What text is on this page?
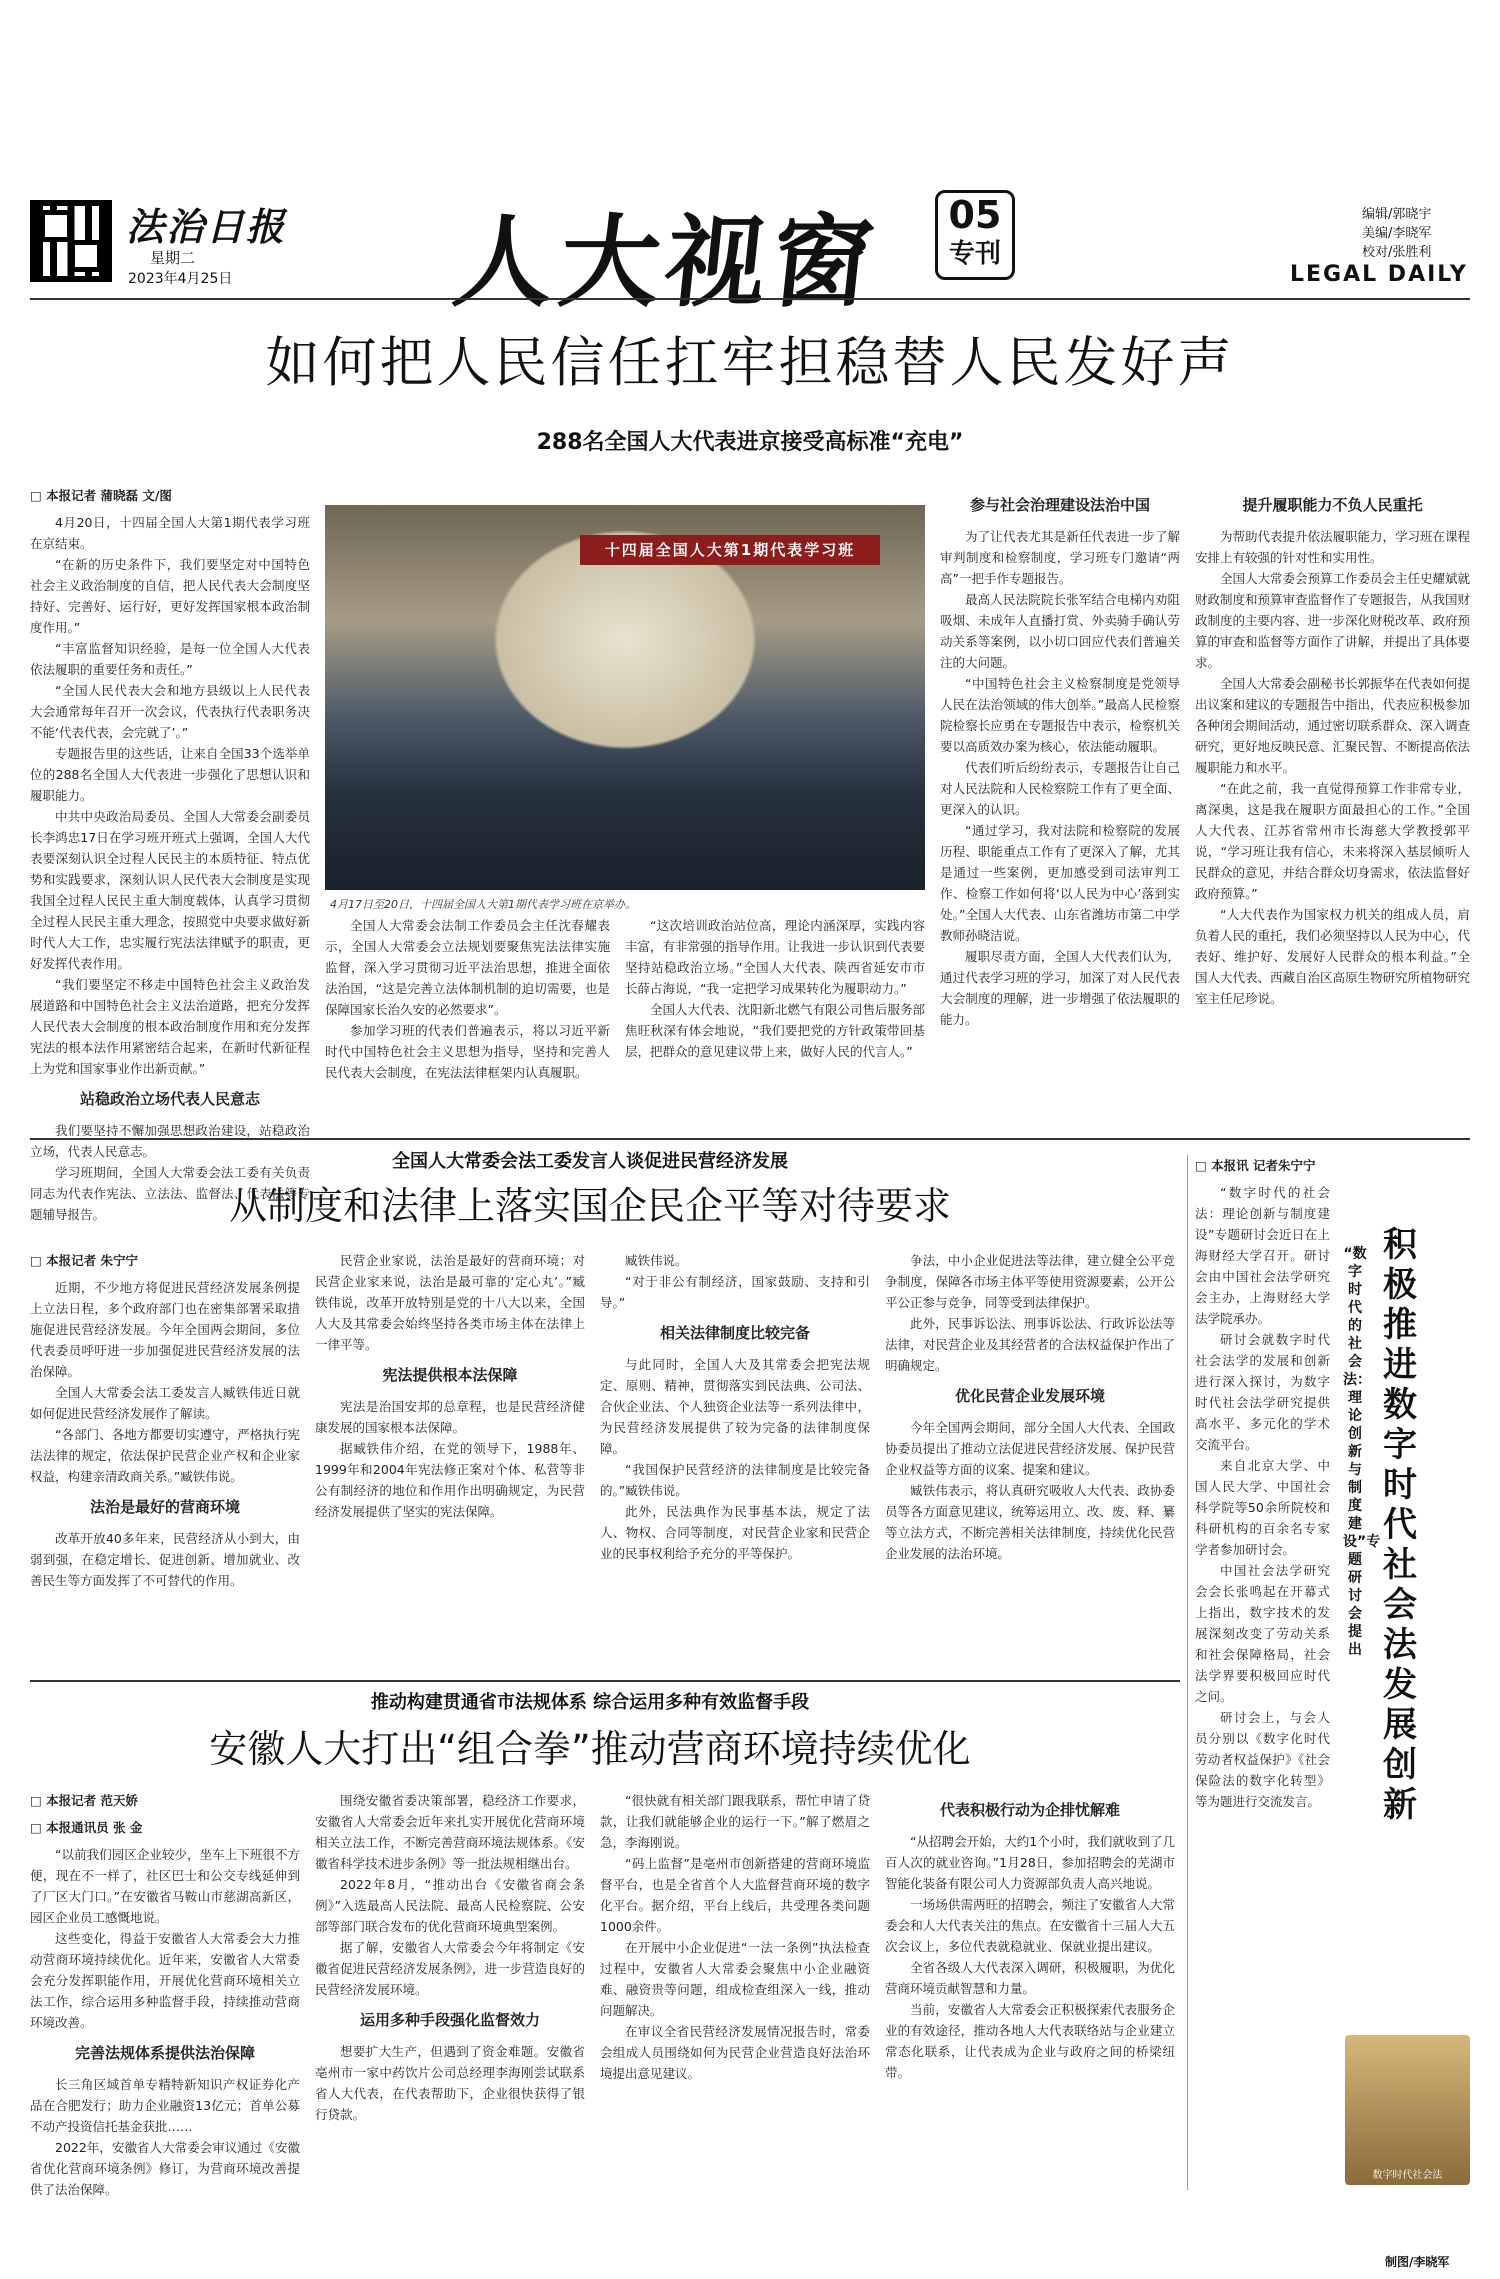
法治日报
星期二
2023年4月25日 人大视窗 05
专刊
编辑/郭晓宇
美编/李晓军
校对/张胜利
LEGAL DAILY
如何把人民信任扛牢担稳替人民发好声
288名全国人大代表进京接受高标准“充电”

□ 本报记者 蒲晓磊 文/图

4月20日，十四届全国人大第1期代表学习班在京结束。

“在新的历史条件下，我们要坚定对中国特色社会主义政治制度的自信，把人民代表大会制度坚持好、完善好、运行好，更好发挥国家根本政治制度作用。”

“丰富监督知识经验，是每一位全国人大代表依法履职的重要任务和责任。”

“全国人民代表大会和地方县级以上人民代表大会通常每年召开一次会议，代表执行代表职务决不能‘代表代表，会完就了’。”

专题报告里的这些话，让来自全国33个选举单位的288名全国人大代表进一步强化了思想认识和履职能力。

中共中央政治局委员、全国人大常委会副委员长李鸿忠17日在学习班开班式上强调，全国人大代表要深刻认识全过程人民民主的本质特征、特点优势和实践要求，深刻认识人民代表大会制度是实现我国全过程人民民主重大制度载体，认真学习贯彻全过程人民民主重大理念，按照党中央要求做好新时代人大工作，忠实履行宪法法律赋予的职责，更好发挥代表作用。

“我们要坚定不移走中国特色社会主义政治发展道路和中国特色社会主义法治道路，把充分发挥人民代表大会制度的根本政治制度作用和充分发挥宪法的根本法作用紧密结合起来，在新时代新征程上为党和国家事业作出新贡献。”

站稳政治立场代表人民意志

我们要坚持不懈加强思想政治建设，站稳政治立场，代表人民意志。

学习班期间，全国人大常委会法工委有关负责同志为代表作宪法、立法法、监督法、代表法等专题辅导报告。

十四届全国人大第1期代表学习班
4月17日至20日，十四届全国人大第1期代表学习班在京举办。

全国人大常委会法制工作委员会主任沈春耀表示，全国人大常委会立法规划要聚焦宪法法律实施监督，深入学习贯彻习近平法治思想，推进全面依法治国，“这是完善立法体制机制的迫切需要，也是保障国家长治久安的必然要求”。

参加学习班的代表们普遍表示，将以习近平新时代中国特色社会主义思想为指导，坚持和完善人民代表大会制度，在宪法法律框架内认真履职。

“这次培训政治站位高，理论内涵深厚，实践内容丰富，有非常强的指导作用。让我进一步认识到代表要坚持站稳政治立场。”全国人大代表、陕西省延安市市长薛占海说，“我一定把学习成果转化为履职动力。”

全国人大代表、沈阳新北燃气有限公司售后服务部焦旺秋深有体会地说，“我们要把党的方针政策带回基层，把群众的意见建议带上来，做好人民的代言人。”

参与社会治理建设法治中国

为了让代表尤其是新任代表进一步了解审判制度和检察制度，学习班专门邀请“两高”一把手作专题报告。

最高人民法院院长张军结合电梯内劝阻吸烟、未成年人直播打赏、外卖骑手确认劳动关系等案例，以小切口回应代表们普遍关注的大问题。

“中国特色社会主义检察制度是党领导人民在法治领域的伟大创举。”最高人民检察院检察长应勇在专题报告中表示，检察机关要以高质效办案为核心，依法能动履职。

代表们听后纷纷表示，专题报告让自己对人民法院和人民检察院工作有了更全面、更深入的认识。

“通过学习，我对法院和检察院的发展历程、职能重点工作有了更深入了解，尤其是通过一些案例，更加感受到司法审判工作、检察工作如何将‘以人民为中心’落到实处。”全国人大代表、山东省潍坊市第二中学教师孙晓洁说。

履职尽责方面，全国人大代表们认为，通过代表学习班的学习，加深了对人民代表大会制度的理解，进一步增强了依法履职的能力。

提升履职能力不负人民重托

为帮助代表提升依法履职能力，学习班在课程安排上有较强的针对性和实用性。

全国人大常委会预算工作委员会主任史耀斌就财政制度和预算审查监督作了专题报告，从我国财政制度的主要内容、进一步深化财税改革、政府预算的审查和监督等方面作了讲解，并提出了具体要求。

全国人大常委会副秘书长郭振华在代表如何提出议案和建议的专题报告中指出，代表应积极参加各种闭会期间活动，通过密切联系群众、深入调查研究，更好地反映民意、汇聚民智、不断提高依法履职能力和水平。

“在此之前，我一直觉得预算工作非常专业，离深奥，这是我在履职方面最担心的工作。”全国人大代表、江苏省常州市长海慈大学教授郭平说，“学习班让我有信心，未来将深入基层倾听人民群众的意见，并结合群众切身需求，依法监督好政府预算。”

“人大代表作为国家权力机关的组成人员，肩负着人民的重托，我们必须坚持以人民为中心，代表好、维护好、发展好人民群众的根本利益。”全国人大代表、西藏自治区高原生物研究所植物研究室主任尼珍说。

全国人大常委会法工委发言人谈促进民营经济发展
从制度和法律上落实国企民企平等对待要求

□ 本报记者 朱宁宁

近期，不少地方将促进民营经济发展条例提上立法日程，多个政府部门也在密集部署采取措施促进民营经济发展。今年全国两会期间，多位代表委员呼吁进一步加强促进民营经济发展的法治保障。

全国人大常委会法工委发言人臧铁伟近日就如何促进民营经济发展作了解读。

“各部门、各地方都要切实遵守，严格执行宪法法律的规定，依法保护民营企业产权和企业家权益，构建亲清政商关系。”臧铁伟说。

法治是最好的营商环境

改革开放40多年来，民营经济从小到大，由弱到强，在稳定增长、促进创新、增加就业、改善民生等方面发挥了不可替代的作用。

民营企业家说，法治是最好的营商环境；对民营企业家来说，法治是最可靠的‘定心丸’。”臧铁伟说，改革开放特别是党的十八大以来，全国人大及其常委会始终坚持各类市场主体在法律上一律平等。

宪法提供根本法保障

宪法是治国安邦的总章程，也是民营经济健康发展的国家根本法保障。

据臧铁伟介绍，在党的领导下，1988年、1999年和2004年宪法修正案对个体、私营等非公有制经济的地位和作用作出明确规定，为民营经济发展提供了坚实的宪法保障。

臧铁伟说。

“对于非公有制经济，国家鼓励、支持和引导。”

相关法律制度比较完备

与此同时，全国人大及其常委会把宪法规定、原则、精神，贯彻落实到民法典、公司法、合伙企业法、个人独资企业法等一系列法律中，为民营经济发展提供了较为完备的法律制度保障。

“我国保护民营经济的法律制度是比较完备的。”臧铁伟说。

此外，民法典作为民事基本法，规定了法人、物权、合同等制度，对民营企业家和民营企业的民事权利给予充分的平等保护。

争法，中小企业促进法等法律，建立健全公平竞争制度，保障各市场主体平等使用资源要素，公开公平公正参与竞争，同等受到法律保护。

此外，民事诉讼法、刑事诉讼法、行政诉讼法等法律，对民营企业及其经营者的合法权益保护作出了明确规定。

优化民营企业发展环境

今年全国两会期间，部分全国人大代表、全国政协委员提出了推动立法促进民营经济发展、保护民营企业权益等方面的议案、提案和建议。

臧铁伟表示，将认真研究吸收人大代表、政协委员等各方面意见建议，统筹运用立、改、废、释、纂等立法方式，不断完善相关法律制度，持续优化民营企业发展的法治环境。

推动构建贯通省市法规体系 综合运用多种有效监督手段
安徽人大打出“组合拳”推动营商环境持续优化

□ 本报记者 范天娇

□ 本报通讯员 张 金

“以前我们园区企业较少，坐车上下班很不方便，现在不一样了，社区巴士和公交专线延伸到了厂区大门口。”在安徽省马鞍山市慈湖高新区，园区企业员工感慨地说。

这些变化，得益于安徽省人大常委会大力推动营商环境持续优化。近年来，安徽省人大常委会充分发挥职能作用，开展优化营商环境相关立法工作，综合运用多种监督手段，持续推动营商环境改善。

完善法规体系提供法治保障

长三角区域首单专精特新知识产权证券化产品在合肥发行；助力企业融资13亿元；首单公募不动产投资信托基金获批……

2022年，安徽省人大常委会审议通过《安徽省优化营商环境条例》修订，为营商环境改善提供了法治保障。

围绕安徽省委决策部署，稳经济工作要求，安徽省人大常委会近年来扎实开展优化营商环境相关立法工作，不断完善营商环境法规体系。《安徽省科学技术进步条例》等一批法规相继出台。

2022年8月，“推动出台《安徽省商会条例》”入选最高人民法院、最高人民检察院、公安部等部门联合发布的优化营商环境典型案例。

据了解，安徽省人大常委会今年将制定《安徽省促进民营经济发展条例》，进一步营造良好的民营经济发展环境。

运用多种手段强化监督效力

想要扩大生产，但遇到了资金难题。安徽省亳州市一家中药饮片公司总经理李海刚尝试联系省人大代表，在代表帮助下，企业很快获得了银行贷款。

“很快就有相关部门跟我联系，帮忙申请了贷款，让我们就能够企业的运行一下。”解了燃眉之急，李海刚说。

“码上监督”是亳州市创新搭建的营商环境监督平台，也是全省首个人大监督营商环境的数字化平台。据介绍，平台上线后，共受理各类问题1000余件。

在开展中小企业促进“一法一条例”执法检查过程中，安徽省人大常委会聚焦中小企业融资难、融资贵等问题，组成检查组深入一线，推动问题解决。

在审议全省民营经济发展情况报告时，常委会组成人员围绕如何为民营企业营造良好法治环境提出意见建议。

代表积极行动为企排忧解难

“从招聘会开始，大约1个小时，我们就收到了几百人次的就业咨询。”1月28日，参加招聘会的芜湖市智能化装备有限公司人力资源部负责人高兴地说。

一场场供需两旺的招聘会，频注了安徽省人大常委会和人大代表关注的焦点。在安徽省十三届人大五次会议上，多位代表就稳就业、保就业提出建议。

全省各级人大代表深入调研，积极履职，为优化营商环境贡献智慧和力量。

当前，安徽省人大常委会正积极探索代表服务企业的有效途径，推动各地人大代表联络站与企业建立常态化联系，让代表成为企业与政府之间的桥梁纽带。

□ 本报讯 记者朱宁宁

“数字时代的社会法：理论创新与制度建设”专题研讨会近日在上海财经大学召开。研讨会由中国社会法学研究会主办，上海财经大学法学院承办。

研讨会就数字时代社会法学的发展和创新进行深入探讨，为数字时代社会法学研究提供高水平、多元化的学术交流平台。

来自北京大学、中国人民大学、中国社会科学院等50余所院校和科研机构的百余名专家学者参加研讨会。

中国社会法学研究会会长张鸣起在开幕式上指出，数字技术的发展深刻改变了劳动关系和社会保障格局，社会法学界要积极回应时代之问。

研讨会上，与会人员分别以《数字化时代劳动者权益保护》《社会保险法的数字化转型》等为题进行交流发言。

“数字时代的社会法：理论创新与制度建设”专题研讨会提出
积极推进数字时代社会法发展创新
数字时代社会法
制图/李晓军
